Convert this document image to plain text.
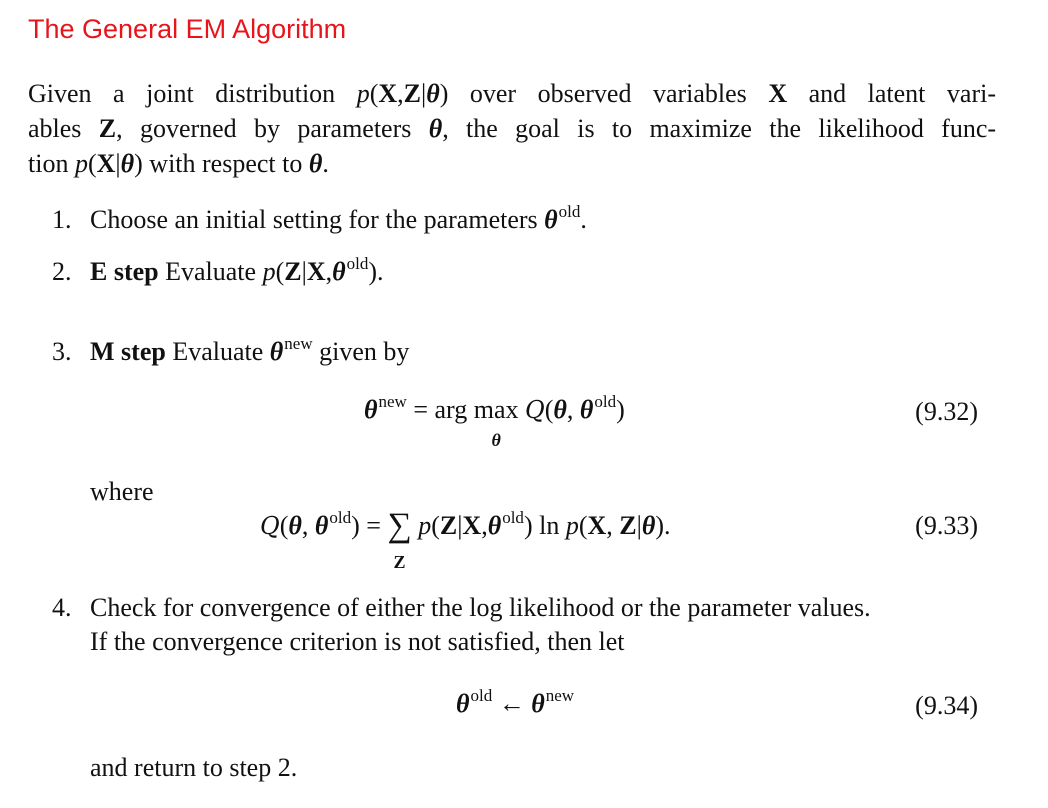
The General EM Algorithm
Given a joint distribution p(X,Z|θ) over observed variables X and latent vari-
ables Z, governed by parameters θ, the goal is to maximize the likelihood func-
tion p(X|θ) with respect to θ.
1. Choose an initial setting for the parameters $\theta^{old}$.
2. E step Evaluate $p(Z|X,\theta^{old})$.
3. M step Evaluate $\theta^{new}$ given by
$\theta^{new}$ = arg max
θ
Q(θ, $\theta^{old}$)	(9.32)
where
Q(θ, $\theta^{old}$) = ∑
Z
$p(Z|X,\theta^{old})$ ln p(X, Z|θ).	(9.33)
4. Check for convergence of either the log likelihood or the parameter values.
If the convergence criterion is not satisfied, then let
$\theta^{old}$ ← $\theta^{new}$	(9.34)
and return to step 2.
